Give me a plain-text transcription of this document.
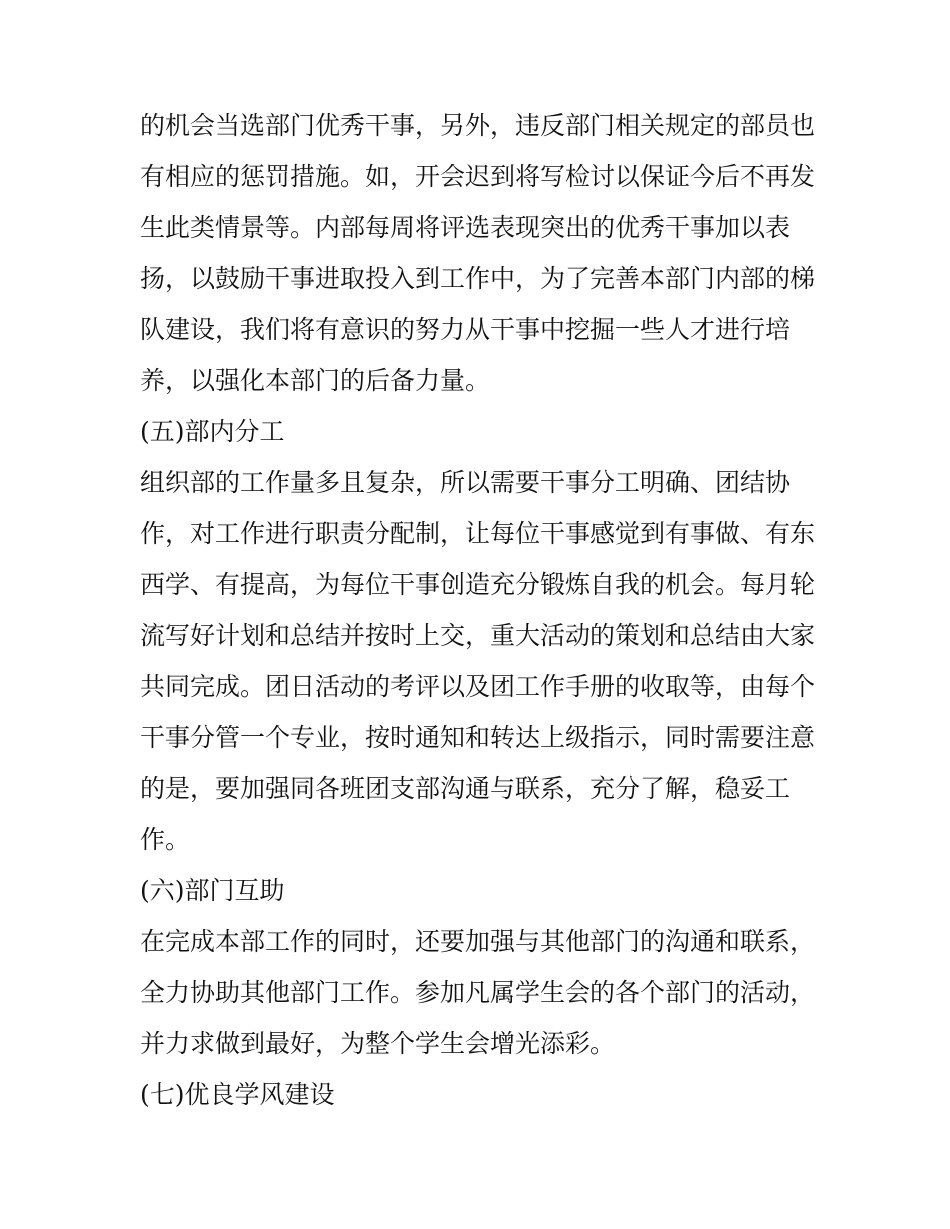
的机会当选部门优秀干事，另外，违反部门相关规定的部员也
有相应的惩罚措施。如，开会迟到将写检讨以保证今后不再发
生此类情景等。内部每周将评选表现突出的优秀干事加以表
扬，以鼓励干事进取投入到工作中，为了完善本部门内部的梯
队建设，我们将有意识的努力从干事中挖掘一些人才进行培
养，以强化本部门的后备力量。
(五)部内分工
组织部的工作量多且复杂，所以需要干事分工明确、团结协
作，对工作进行职责分配制，让每位干事感觉到有事做、有东
西学、有提高，为每位干事创造充分锻炼自我的机会。每月轮
流写好计划和总结并按时上交，重大活动的策划和总结由大家
共同完成。团日活动的考评以及团工作手册的收取等，由每个
干事分管一个专业，按时通知和转达上级指示，同时需要注意
的是，要加强同各班团支部沟通与联系，充分了解，稳妥工
作。
(六)部门互助
在完成本部工作的同时，还要加强与其他部门的沟通和联系，
全力协助其他部门工作。参加凡属学生会的各个部门的活动，
并力求做到最好，为整个学生会增光添彩。
(七)优良学风建设
